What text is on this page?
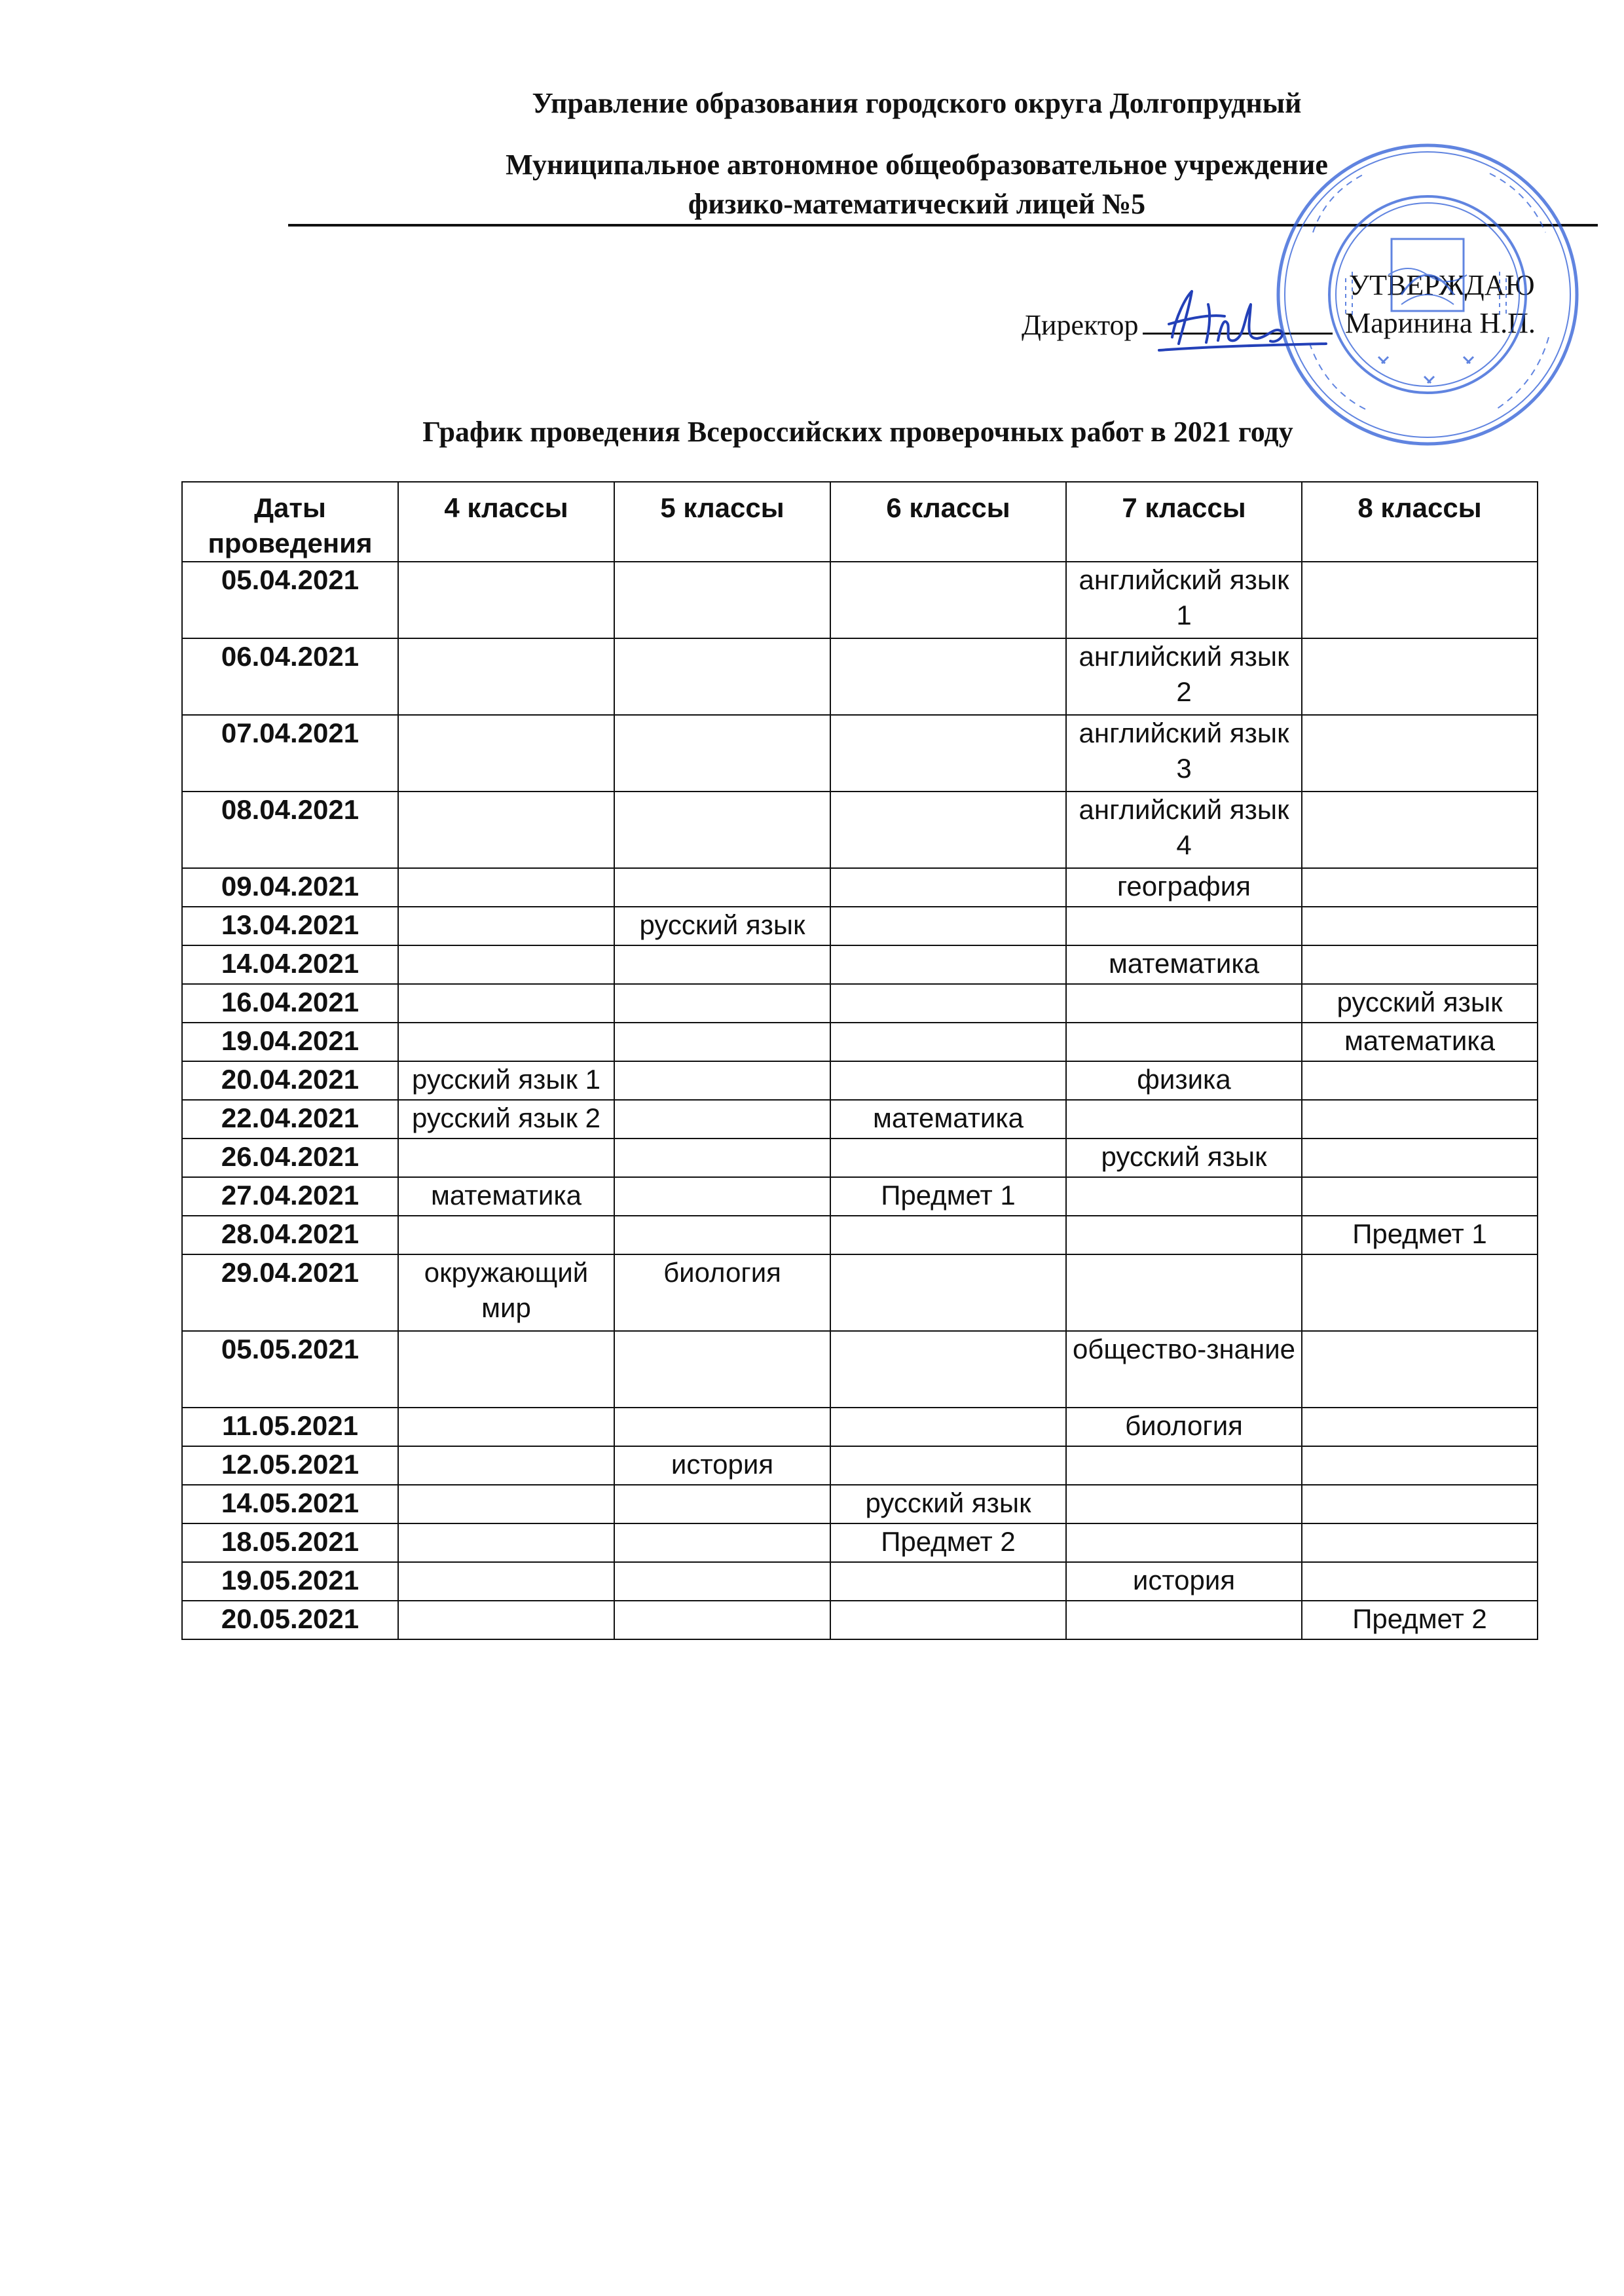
Управление образования городского округа Долгопрудный
Муниципальное автономное общеобразовательное учреждение
физико-математический лицей №5
УТВЕРЖДАЮ
Директор	Маринина Н.П.
График проведения Всероссийских проверочных работ в 2021 году
Даты проведения	4 классы	5 классы	6 классы	7 классы	8 классы
05.04.2021				английский язык 1	
06.04.2021				английский язык 2	
07.04.2021				английский язык 3	
08.04.2021				английский язык 4	
09.04.2021				география	
13.04.2021		русский язык			
14.04.2021				математика	
16.04.2021					русский язык
19.04.2021					математика
20.04.2021	русский язык 1			физика	
22.04.2021	русский язык 2		математика		
26.04.2021				русский язык	
27.04.2021	математика		Предмет 1		
28.04.2021					Предмет 1
29.04.2021	окружающий мир	биология			
05.05.2021				общество-знание	
11.05.2021				биология	
12.05.2021		история			
14.05.2021			русский язык		
18.05.2021			Предмет 2		
19.05.2021				история	
20.05.2021					Предмет 2
